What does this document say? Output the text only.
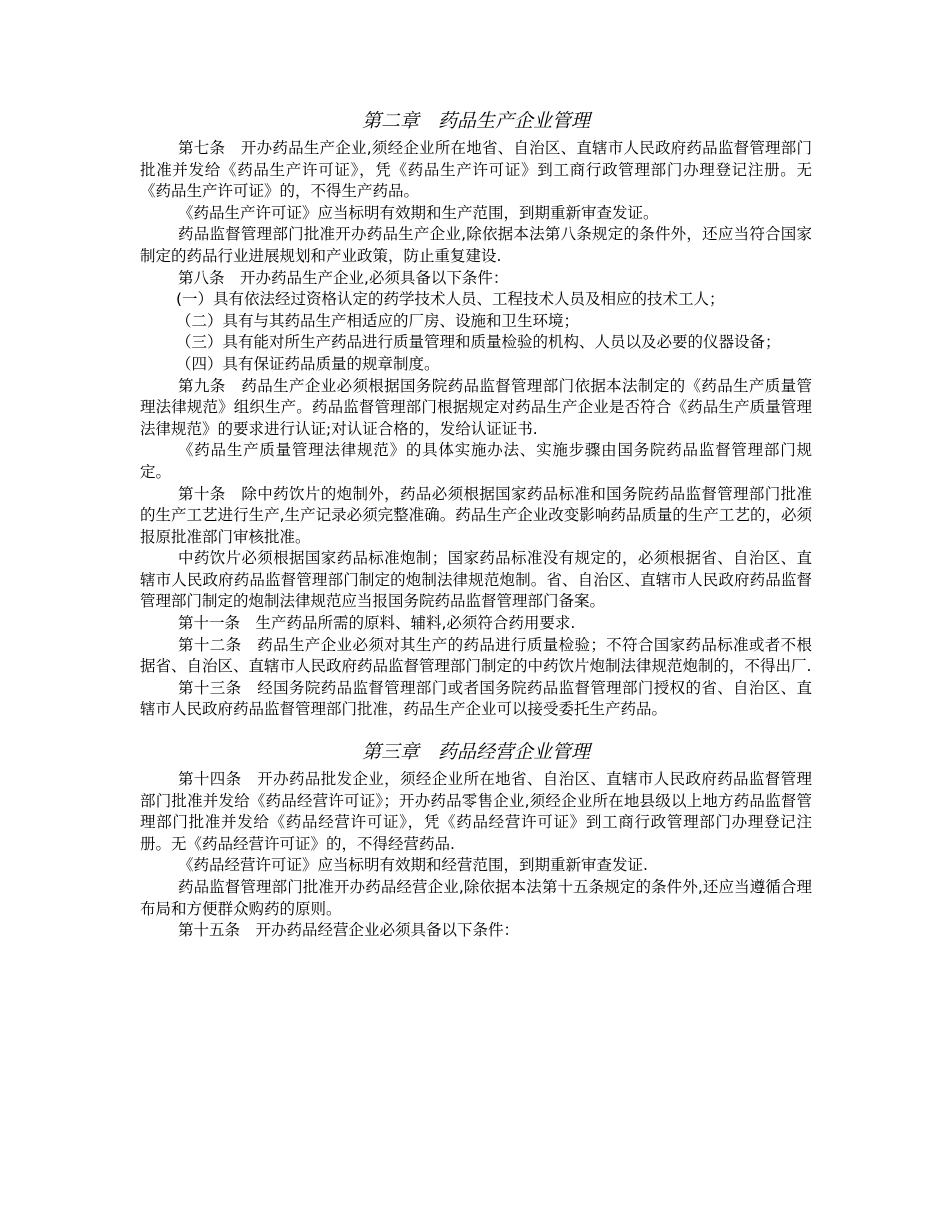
第二章　药品生产企业管理

第七条　开办药品生产企业,须经企业所在地省、自治区、直辖市人民政府药品监督管理部门批准并发给《药品生产许可证》，凭《药品生产许可证》到工商行政管理部门办理登记注册。无《药品生产许可证》的，不得生产药品。

《药品生产许可证》应当标明有效期和生产范围，到期重新审查发证。

药品监督管理部门批准开办药品生产企业,除依据本法第八条规定的条件外，还应当符合国家制定的药品行业进展规划和产业政策，防止重复建设.

第八条　开办药品生产企业,必须具备以下条件：

(一）具有依法经过资格认定的药学技术人员、工程技术人员及相应的技术工人；

（二）具有与其药品生产相适应的厂房、设施和卫生环境；

（三）具有能对所生产药品进行质量管理和质量检验的机构、人员以及必要的仪器设备；

（四）具有保证药品质量的规章制度。

第九条　药品生产企业必须根据国务院药品监督管理部门依据本法制定的《药品生产质量管理法律规范》组织生产。药品监督管理部门根据规定对药品生产企业是否符合《药品生产质量管理法律规范》的要求进行认证;对认证合格的，发给认证证书.

《药品生产质量管理法律规范》的具体实施办法、实施步骤由国务院药品监督管理部门规定。

第十条　除中药饮片的炮制外，药品必须根据国家药品标准和国务院药品监督管理部门批准的生产工艺进行生产,生产记录必须完整准确。药品生产企业改变影响药品质量的生产工艺的，必须报原批准部门审核批准。

中药饮片必须根据国家药品标准炮制；国家药品标准没有规定的，必须根据省、自治区、直辖市人民政府药品监督管理部门制定的炮制法律规范炮制。省、自治区、直辖市人民政府药品监督管理部门制定的炮制法律规范应当报国务院药品监督管理部门备案。

第十一条　生产药品所需的原料、辅料,必须符合药用要求.

第十二条　药品生产企业必须对其生产的药品进行质量检验；不符合国家药品标准或者不根据省、自治区、直辖市人民政府药品监督管理部门制定的中药饮片炮制法律规范炮制的，不得出厂.

第十三条　经国务院药品监督管理部门或者国务院药品监督管理部门授权的省、自治区、直辖市人民政府药品监督管理部门批准，药品生产企业可以接受委托生产药品。

第三章　药品经营企业管理

第十四条　开办药品批发企业，须经企业所在地省、自治区、直辖市人民政府药品监督管理部门批准并发给《药品经营许可证》；开办药品零售企业,须经企业所在地县级以上地方药品监督管理部门批准并发给《药品经营许可证》，凭《药品经营许可证》到工商行政管理部门办理登记注册。无《药品经营许可证》的，不得经营药品.

《药品经营许可证》应当标明有效期和经营范围，到期重新审查发证.

药品监督管理部门批准开办药品经营企业,除依据本法第十五条规定的条件外,还应当遵循合理布局和方便群众购药的原则。

第十五条　开办药品经营企业必须具备以下条件：
